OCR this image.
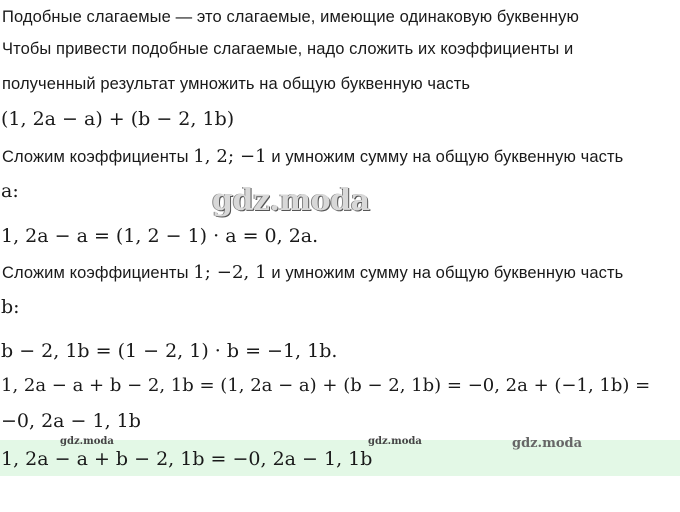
Подобные слагаемые — это слагаемые, имеющие одинаковую буквенную
Чтобы привести подобные слагаемые, надо сложить их коэффициенты и
полученный результат умножить на общую буквенную часть
(1, 2a − a) + (b − 2, 1b)
Сложим коэффициенты 1, 2; −1 и умножим сумму на общую буквенную часть
a:	gdz.moda
1, 2a − a = (1, 2 − 1) · a = 0, 2a.
Сложим коэффициенты 1; −2, 1 и умножим сумму на общую буквенную часть
b:
b − 2, 1b = (1 − 2, 1) · b = −1, 1b.
1, 2a − a + b − 2, 1b = (1, 2a − a) + (b − 2, 1b) = −0, 2a + (−1, 1b) =
−0, 2a − 1, 1b
gdz.moda	gdz.moda	gdz.moda
1, 2a − a + b − 2, 1b = −0, 2a − 1, 1b
